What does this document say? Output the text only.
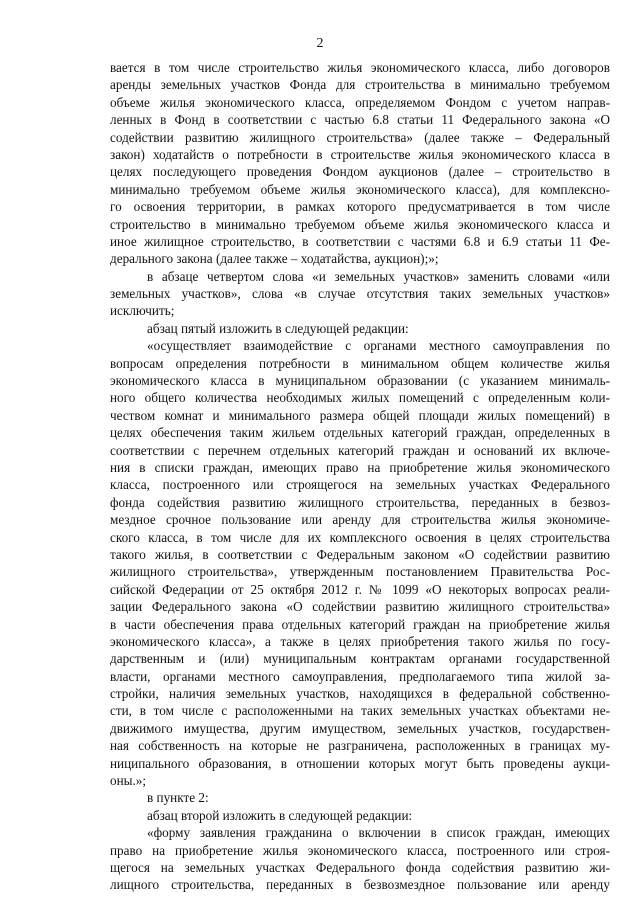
2
вается в том числе строительство жилья экономического класса, либо договоров
аренды земельных участков Фонда для строительства в минимально требуемом
объеме жилья экономического класса, определяемом Фондом с учетом направ-
ленных в Фонд в соответствии с частью 6.8 статьи 11 Федерального закона «О
содействии развитию жилищного строительства» (далее также – Федеральный
закон) ходатайств о потребности в строительстве жилья экономического класса в
целях последующего проведения Фондом аукционов (далее – строительство в
минимально требуемом объеме жилья экономического класса), для комплексно-
го освоения территории, в рамках которого предусматривается в том числе
строительство в минимально требуемом объеме жилья экономического класса и
иное жилищное строительство, в соответствии с частями 6.8 и 6.9 статьи 11 Фе-
дерального закона (далее также – ходатайства, аукцион);»;
в абзаце четвертом слова «и земельных участков» заменить словами «или
земельных участков», слова «в случае отсутствия таких земельных участков»
исключить;
абзац пятый изложить в следующей редакции:
«осуществляет взаимодействие с органами местного самоуправления по
вопросам определения потребности в минимальном общем количестве жилья
экономического класса в муниципальном образовании (с указанием минималь-
ного общего количества необходимых жилых помещений с определенным коли-
чеством комнат и минимального размера общей площади жилых помещений) в
целях обеспечения таким жильем отдельных категорий граждан, определенных в
соответствии с перечнем отдельных категорий граждан и оснований их включе-
ния в списки граждан, имеющих право на приобретение жилья экономического
класса, построенного или строящегося на земельных участках Федерального
фонда содействия развитию жилищного строительства, переданных в безвоз-
мездное срочное пользование или аренду для строительства жилья экономиче-
ского класса, в том числе для их комплексного освоения в целях строительства
такого жилья, в соответствии с Федеральным законом «О содействии развитию
жилищного строительства», утвержденным постановлением Правительства Рос-
сийской Федерации от 25 октября 2012 г. № 1099 «О некоторых вопросах реали-
зации Федерального закона «О содействии развитию жилищного строительства»
в части обеспечения права отдельных категорий граждан на приобретение жилья
экономического класса», а также в целях приобретения такого жилья по госу-
дарственным и (или) муниципальным контрактам органами государственной
власти, органами местного самоуправления, предполагаемого типа жилой за-
стройки, наличия земельных участков, находящихся в федеральной собственно-
сти, в том числе с расположенными на таких земельных участках объектами не-
движимого имущества, другим имуществом, земельных участков, государствен-
ная собственность на которые не разграничена, расположенных в границах му-
ниципального образования, в отношении которых могут быть проведены аукци-
оны.»;
в пункте 2:
абзац второй изложить в следующей редакции:
«форму заявления гражданина о включении в список граждан, имеющих
право на приобретение жилья экономического класса, построенного или строя-
щегося на земельных участках Федерального фонда содействия развитию жи-
лищного строительства, переданных в безвозмездное пользование или аренду
